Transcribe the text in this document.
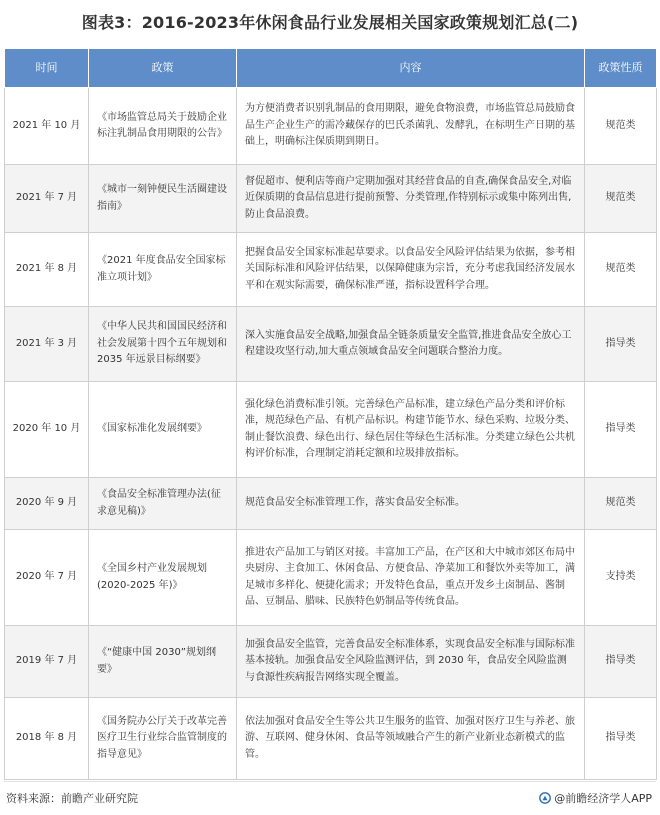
图表3：2016-2023年休闲食品行业发展相关国家政策规划汇总(二)
时间	政策	内容	政策性质
2021 年 10 月	《市场监管总局关于鼓励企业标注乳制品食用期限的公告》	为方便消费者识别乳制品的食用期限，避免食物浪费，市场监管总局鼓励食品生产企业生产的需冷藏保存的巴氏杀菌乳、发酵乳，在标明生产日期的基础上，明确标注保质期到期日。	规范类
2021 年 7 月	《城市一刻钟便民生活圈建设指南》	督促超市、便利店等商户定期加强对其经营食品的自查,确保食品安全,对临近保质期的食品信息进行提前预警、分类管理,作特别标示或集中陈列出售,防止食品浪费。	规范类
2021 年 8 月	《2021 年度食品安全国家标准立项计划》	把握食品安全国家标准起草要求。以食品安全风险评估结果为依据，参考相关国际标准和风险评估结果，以保障健康为宗旨，充分考虑我国经济发展水平和在观实际需要，确保标准严谨，指标设置科学合理。	规范类
2021 年 3 月	《中华人民共和国国民经济和社会发展第十四个五年规划和 2035 年远景目标纲要》	深入实施食品安全战略,加强食品全链条质量安全监管,推进食品安全放心工程建设攻坚行动,加大重点领域食品安全问题联合整治力度。	指导类
2020 年 10 月	《国家标准化发展纲要》	强化绿色消费标准引领。完善绿色产品标准，建立绿色产品分类和评价标准，规范绿色产品、有机产品标识。构建节能节水、绿色采购、垃圾分类、制止餐饮浪费、绿色出行、绿色居住等绿色生活标准。分类建立绿色公共机构评价标准，合理制定消耗定额和垃圾排放指标。	指导类
2020 年 9 月	《食品安全标准管理办法(征求意见稿)》	规范食品安全标准管理工作，落实食品安全标准。	规范类
2020 年 7 月	《全国乡村产业发展规划(2020-2025 年)》	推进农产品加工与销区对接。丰富加工产品，在产区和大中城市郊区布局中央厨房、主食加工、休闲食品、方便食品、净菜加工和餐饮外卖等加工，满足城市多样化、便捷化需求；开发特色食品，重点开发乡土卤制品、酱制品、豆制品、腊味、民族特色奶制品等传统食品。	支持类
2019 年 7 月	《“健康中国 2030”规划纲要》	加强食品安全监管，完善食品安全标准体系，实现食品安全标准与国际标准基本接轨。加强食品安全风险监测评估，到 2030 年，食品安全风险监测与食源性疾病报告网络实现全覆盖。	指导类
2018 年 8 月	《国务院办公厅关于改革完善医疗卫生行业综合监管制度的指导意见》	依法加强对食品安全生等公共卫生服务的监管、加强对医疗卫生与养老、旅游、互联网、健身休闲、食品等领域融合产生的新产业新业态新模式的监管。	指导类
资料来源：前瞻产业研究院	@前瞻经济学人APP
